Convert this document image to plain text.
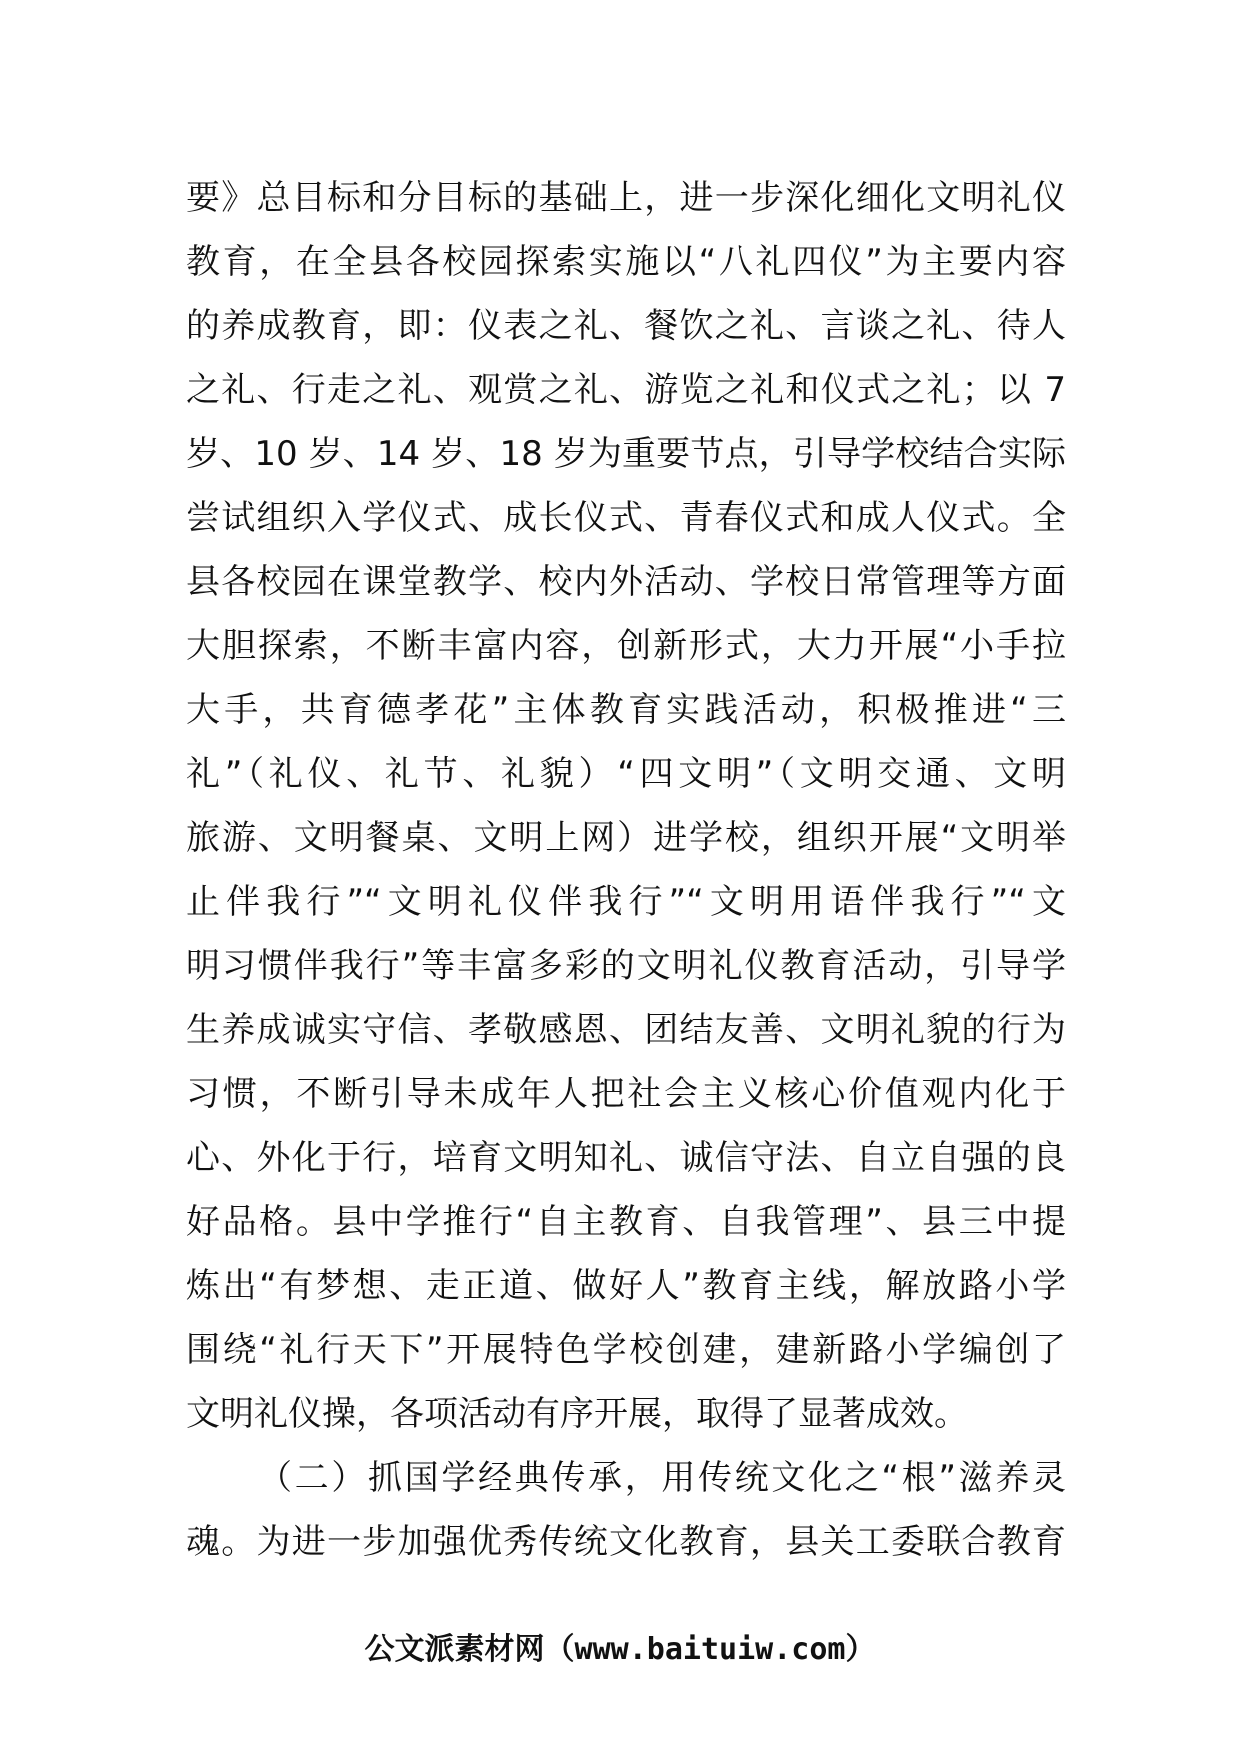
要》总目标和分目标的基础上，进一步深化细化文明礼仪
教育，在全县各校园探索实施以“八礼四仪”为主要内容
的养成教育，即：仪表之礼、餐饮之礼、言谈之礼、待人
之礼、行走之礼、观赏之礼、游览之礼和仪式之礼；以 7
岁、10 岁、14 岁、18 岁为重要节点，引导学校结合实际
尝试组织入学仪式、成长仪式、青春仪式和成人仪式。全
县各校园在课堂教学、校内外活动、学校日常管理等方面
大胆探索，不断丰富内容，创新形式，大力开展“小手拉
大手，共育德孝花”主体教育实践活动，积极推进“三
礼”（礼仪、礼节、礼貌）“四文明”（文明交通、文明
旅游、文明餐桌、文明上网）进学校，组织开展“文明举
止伴我行”“文明礼仪伴我行”“文明用语伴我行”“文
明习惯伴我行”等丰富多彩的文明礼仪教育活动，引导学
生养成诚实守信、孝敬感恩、团结友善、文明礼貌的行为
习惯，不断引导未成年人把社会主义核心价值观内化于
心、外化于行，培育文明知礼、诚信守法、自立自强的良
好品格。县中学推行“自主教育、自我管理”、县三中提
炼出“有梦想、走正道、做好人”教育主线，解放路小学
围绕“礼行天下”开展特色学校创建，建新路小学编创了
文明礼仪操，各项活动有序开展，取得了显著成效。
（二）抓国学经典传承，用传统文化之“根”滋养灵
魂。为进一步加强优秀传统文化教育，县关工委联合教育
公文派素材网（www.baituiw.com）
